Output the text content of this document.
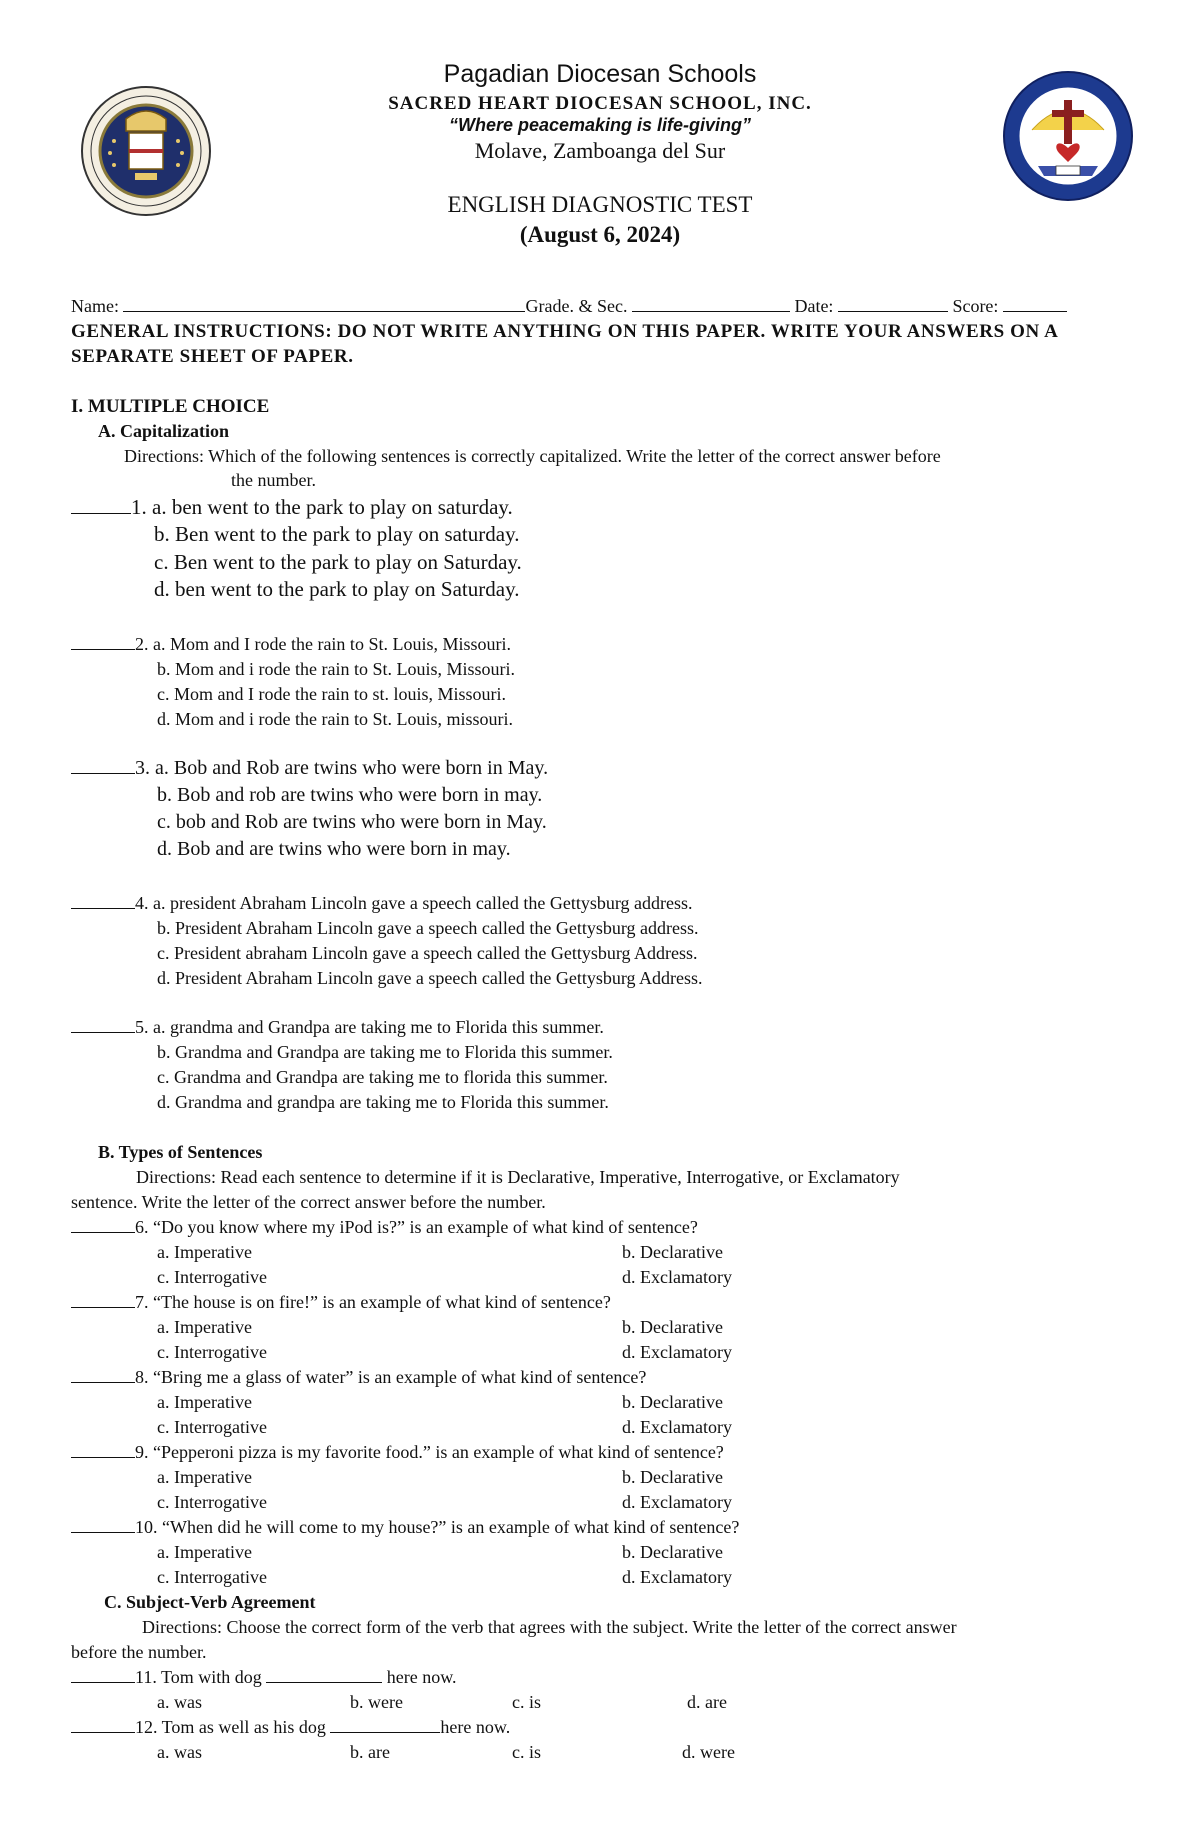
Pagadian Diocesan Schools
SACRED HEART DIOCESAN SCHOOL, INC.
“Where peacemaking is life-giving”
Molave, Zamboanga del Sur
ENGLISH DIAGNOSTIC TEST
(August 6, 2024)
Name:	Grade. & Sec.	Date:	Score:
GENERAL INSTRUCTIONS: DO NOT WRITE ANYTHING ON THIS PAPER. WRITE YOUR ANSWERS ON A SEPARATE SHEET OF PAPER.
I. MULTIPLE CHOICE
A. Capitalization
Directions: Which of the following sentences is correctly capitalized. Write the letter of the correct answer before
the number.
1. a. ben went to the park to play on saturday.
b. Ben went to the park to play on saturday.
c. Ben went to the park to play on Saturday.
d. ben went to the park to play on Saturday.
2. a. Mom and I rode the rain to St. Louis, Missouri.
b. Mom and i rode the rain to St. Louis, Missouri.
c. Mom and I rode the rain to st. louis, Missouri.
d. Mom and i rode the rain to St. Louis, missouri.
3. a. Bob and Rob are twins who were born in May.
b. Bob and rob are twins who were born in may.
c. bob and Rob are twins who were born in May.
d. Bob and are twins who were born in may.
4. a. president Abraham Lincoln gave a speech called the Gettysburg address.
b. President Abraham Lincoln gave a speech called the Gettysburg address.
c. President abraham Lincoln gave a speech called the Gettysburg Address.
d. President Abraham Lincoln gave a speech called the Gettysburg Address.
5. a. grandma and Grandpa are taking me to Florida this summer.
b. Grandma and Grandpa are taking me to Florida this summer.
c. Grandma and Grandpa are taking me to florida this summer.
d. Grandma and grandpa are taking me to Florida this summer.
B. Types of Sentences
Directions: Read each sentence to determine if it is Declarative, Imperative, Interrogative, or Exclamatory
sentence. Write the letter of the correct answer before the number.
6. “Do you know where my iPod is?” is an example of what kind of sentence?
a. Imperative	b. Declarative
c. Interrogative	d. Exclamatory
7. “The house is on fire!” is an example of what kind of sentence?
a. Imperative	b. Declarative
c. Interrogative	d. Exclamatory
8. “Bring me a glass of water” is an example of what kind of sentence?
a. Imperative	b. Declarative
c. Interrogative	d. Exclamatory
9. “Pepperoni pizza is my favorite food.” is an example of what kind of sentence?
a. Imperative	b. Declarative
c. Interrogative	d. Exclamatory
10. “When did he will come to my house?” is an example of what kind of sentence?
a. Imperative	b. Declarative
c. Interrogative	d. Exclamatory
C. Subject-Verb Agreement
Directions: Choose the correct form of the verb that agrees with the subject. Write the letter of the correct answer
before the number.
11. Tom with dog	here now.
a. was	b. were	c. is	d. are
12. Tom as well as his dog	here now.
a. was	b. are	c. is	d. were
